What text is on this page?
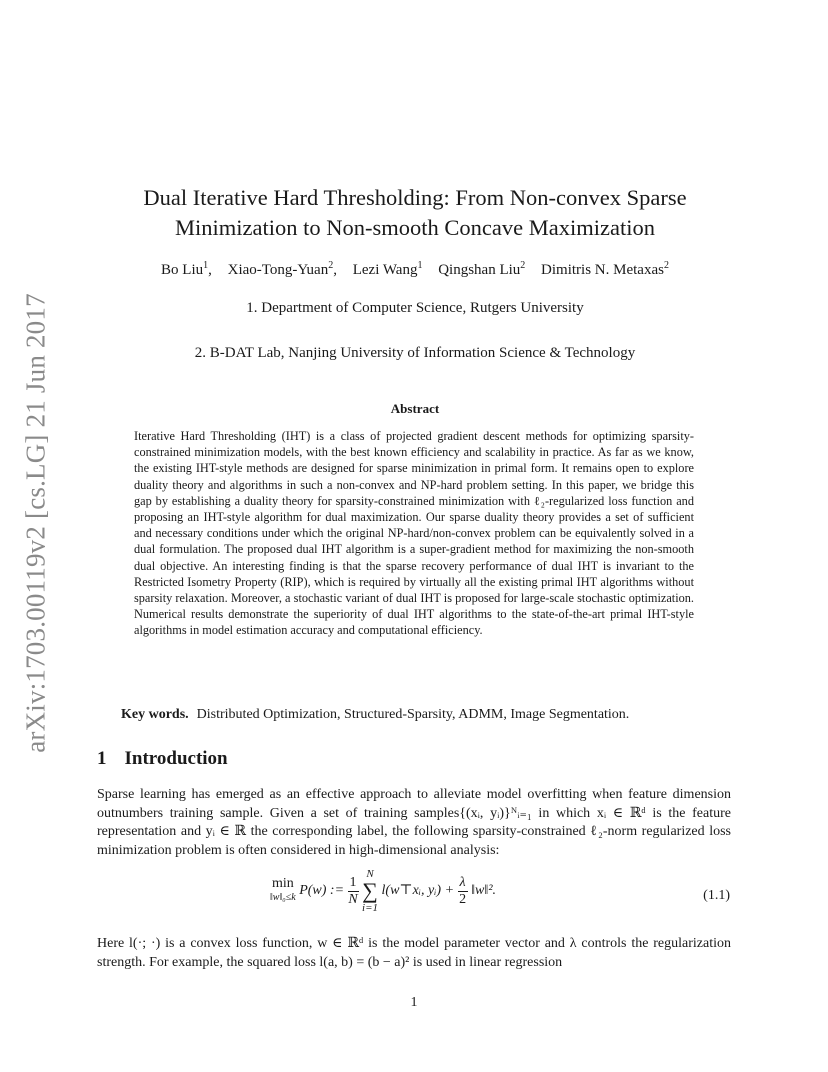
arXiv:1703.00119v2 [cs.LG] 21 Jun 2017
Dual Iterative Hard Thresholding: From Non-convex Sparse
Minimization to Non-smooth Concave Maximization
Bo Liu$^1$, Xiao-Tong-Yuan$^2$, Lezi Wang$^1$ Qingshan Liu$^2$ Dimitris N. Metaxas$^2$
1. Department of Computer Science, Rutgers University
2. B-DAT Lab, Nanjing University of Information Science & Technology
Abstract

Iterative Hard Thresholding (IHT) is a class of projected gradient descent methods for optimizing sparsity-constrained minimization models, with the best known efficiency and scalability in practice. As far as we know, the existing IHT-style methods are designed for sparse minimization in primal form. It remains open to explore duality theory and algorithms in such a non-convex and NP-hard problem setting. In this paper, we bridge this gap by establishing a duality theory for sparsity-constrained minimization with ℓ₂-regularized loss function and proposing an IHT-style algorithm for dual maximization. Our sparse duality theory provides a set of sufficient and necessary conditions under which the original NP-hard/non-convex problem can be equivalently solved in a dual formulation. The proposed dual IHT algorithm is a super-gradient method for maximizing the non-smooth dual objective. An interesting finding is that the sparse recovery performance of dual IHT is invariant to the Restricted Isometry Property (RIP), which is required by virtually all the existing primal IHT algorithms without sparsity relaxation. Moreover, a stochastic variant of dual IHT is proposed for large-scale stochastic optimization. Numerical results demonstrate the superiority of dual IHT algorithms to the state-of-the-art primal IHT-style algorithms in model estimation accuracy and computational efficiency.

Key words. Distributed Optimization, Structured-Sparsity, ADMM, Image Segmentation.
1 Introduction

Sparse learning has emerged as an effective approach to alleviate model overfitting when feature dimension outnumbers training sample. Given a set of training samples{(xᵢ, yᵢ)}ᴺᵢ₌₁ in which xᵢ ∈ ℝᵈ is the feature representation and yᵢ ∈ ℝ the corresponding label, the following sparsity-constrained ℓ₂-norm regularized loss minimization problem is often considered in high-dimensional analysis:

min
‖w‖₀≤k P(w) := $\frac{1}{N}$

N
∑
i=1
l(w⊤xᵢ, yᵢ) + $\frac{\lambda}{2}$ ‖w‖².	(1.1)

Here l(·; ·) is a convex loss function, w ∈ ℝᵈ is the model parameter vector and λ controls the regularization strength. For example, the squared loss l(a, b) = (b − a)² is used in linear regression

1
